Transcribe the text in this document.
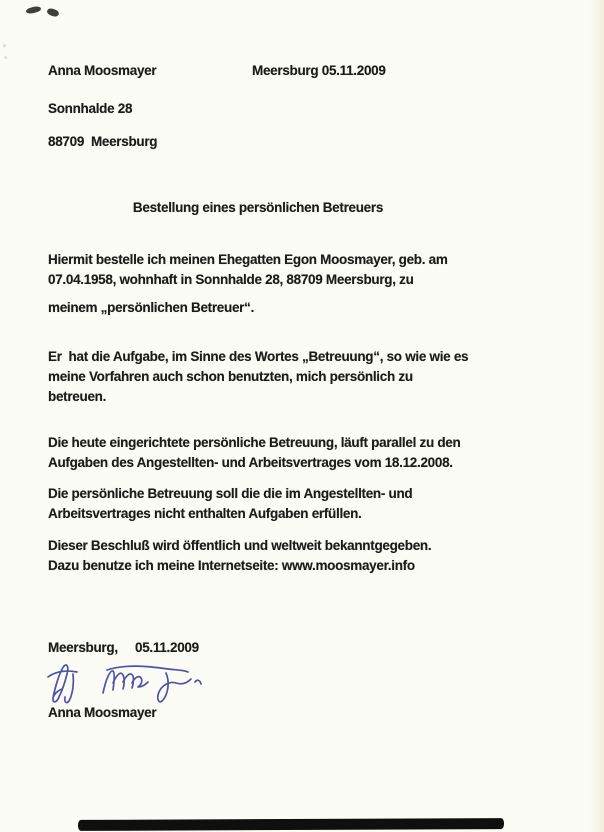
Anna Moosmayer	Meersburg 05.11.2009
Sonnhalde 28
88709  Meersburg
Bestellung eines persönlichen Betreuers
Hiermit bestelle ich meinen Ehegatten Egon Moosmayer, geb. am
07.04.1958, wohnhaft in Sonnhalde 28, 88709 Meersburg, zu
meinem „persönlichen Betreuer“.
Er  hat die Aufgabe, im Sinne des Wortes „Betreuung“, so wie wie es
meine Vorfahren auch schon benutzten, mich persönlich zu
betreuen.
Die heute eingerichtete persönliche Betreuung, läuft parallel zu den
Aufgaben des Angestellten- und Arbeitsvertrages vom 18.12.2008.
Die persönliche Betreuung soll die die im Angestellten- und
Arbeitsvertrages nicht enthalten Aufgaben erfüllen.
Dieser Beschluß wird öffentlich und weltweit bekanntgegeben.
Dazu benutze ich meine Internetseite: www.moosmayer.info
Meersburg,     05.11.2009
Anna Moosmayer
